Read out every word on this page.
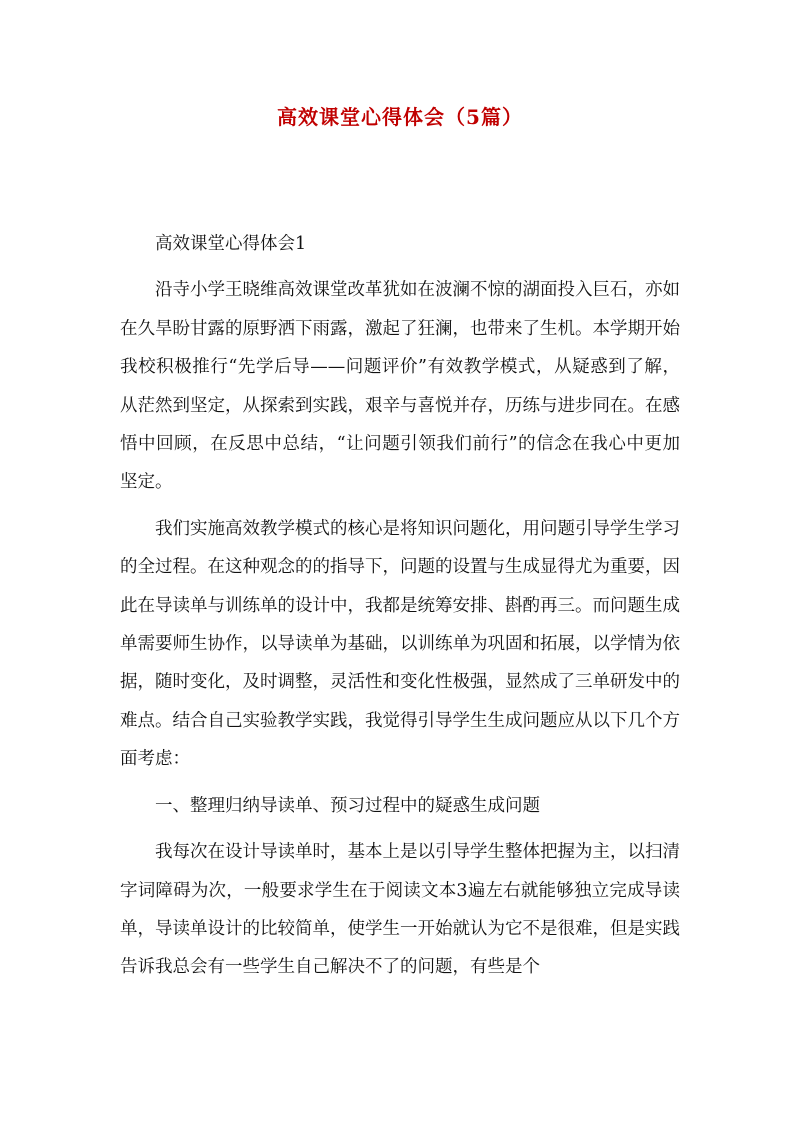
高效课堂心得体会（5篇）

高效课堂心得体会1

沿寺小学王晓维高效课堂改革犹如在波澜不惊的湖面投入巨石，亦如在久旱盼甘露的原野洒下雨露，激起了狂澜，也带来了生机。本学期开始我校积极推行“先学后导——问题评价”有效教学模式，从疑惑到了解，从茫然到坚定，从探索到实践，艰辛与喜悦并存，历练与进步同在。在感悟中回顾，在反思中总结，“让问题引领我们前行”的信念在我心中更加坚定。

我们实施高效教学模式的核心是将知识问题化，用问题引导学生学习的全过程。在这种观念的的指导下，问题的设置与生成显得尤为重要，因此在导读单与训练单的设计中，我都是统筹安排、斟酌再三。而问题生成单需要师生协作，以导读单为基础，以训练单为巩固和拓展，以学情为依据，随时变化，及时调整，灵活性和变化性极强，显然成了三单研发中的难点。结合自己实验教学实践，我觉得引导学生生成问题应从以下几个方面考虑：

一、整理归纳导读单、预习过程中的疑惑生成问题

我每次在设计导读单时，基本上是以引导学生整体把握为主，以扫清字词障碍为次，一般要求学生在于阅读文本3遍左右就能够独立完成导读单，导读单设计的比较简单，使学生一开始就认为它不是很难，但是实践告诉我总会有一些学生自己解决不了的问题，有些是个
